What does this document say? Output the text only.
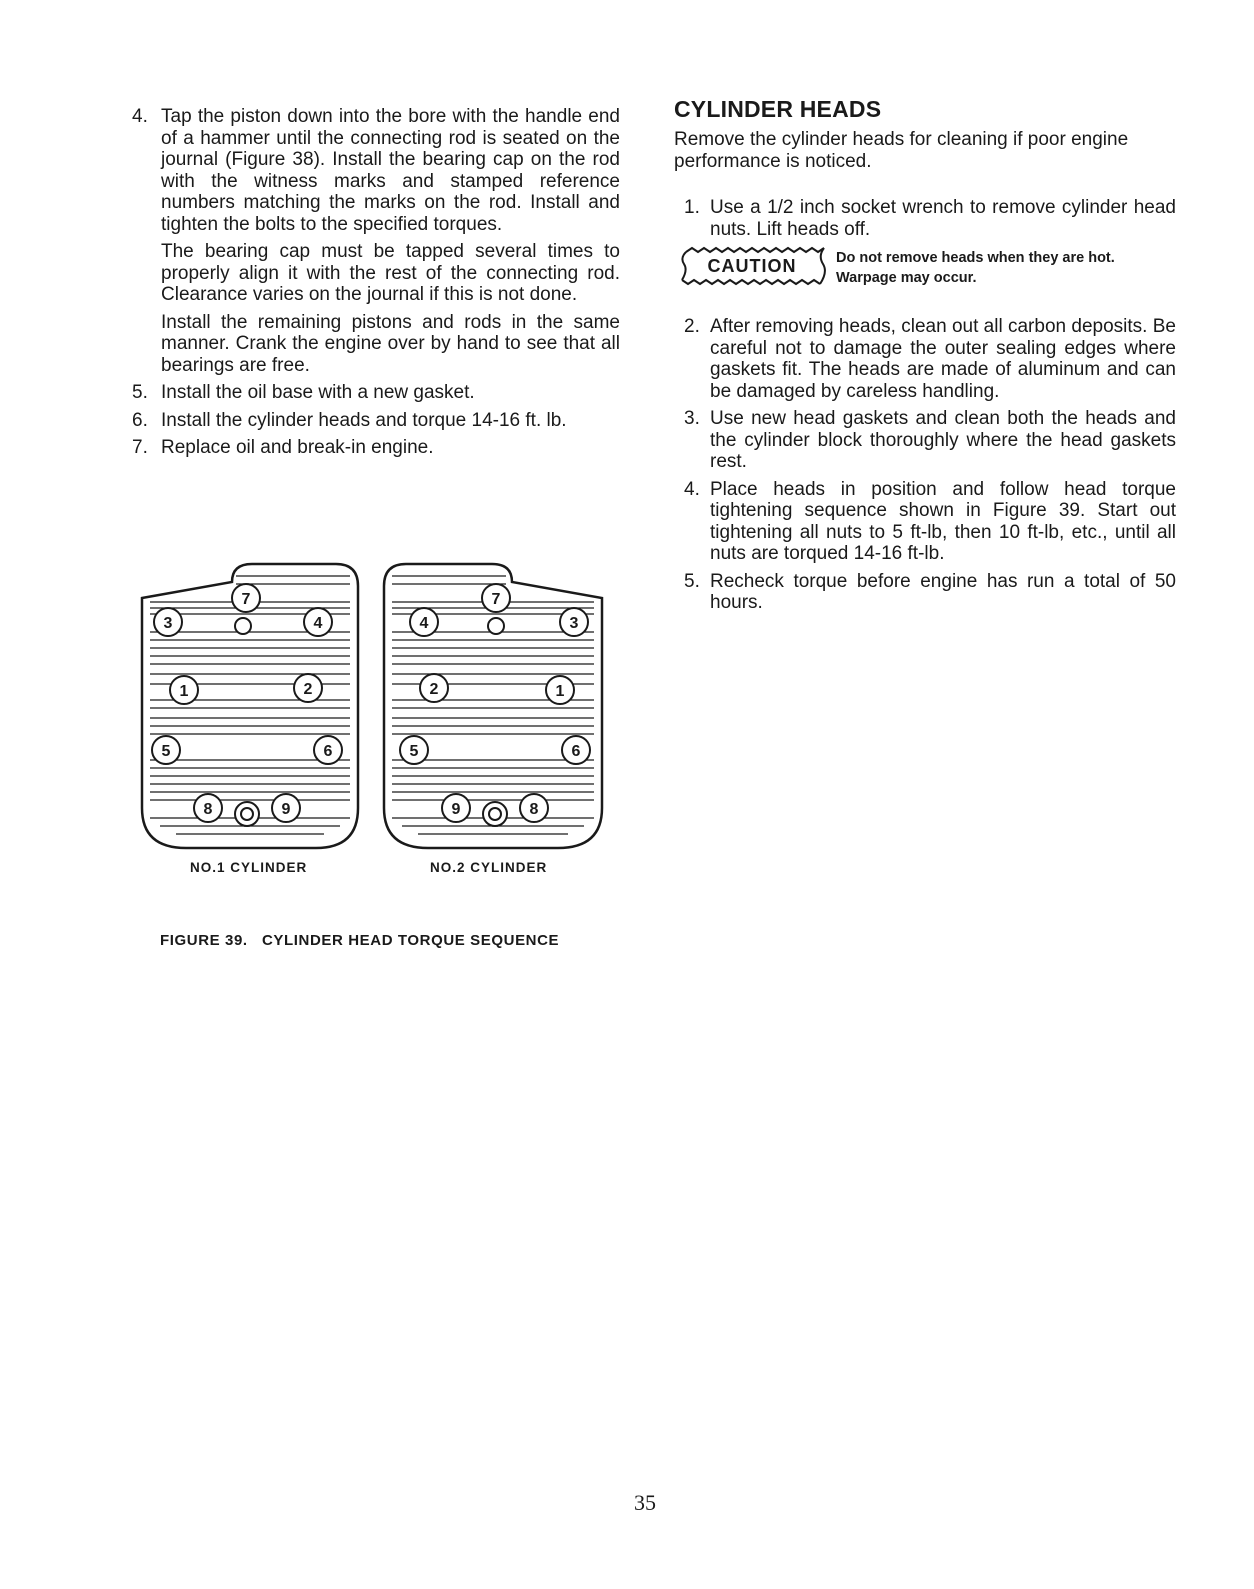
4. Tap the piston down into the bore with the handle end of a hammer until the connecting rod is seated on the journal (Figure 38). Install the bearing cap on the rod with the witness marks and stamped reference numbers matching the marks on the rod. Install and tighten the bolts to the specified torques.

The bearing cap must be tapped several times to properly align it with the rest of the connecting rod. Clearance varies on the journal if this is not done.

Install the remaining pistons and rods in the same manner. Crank the engine over by hand to see that all bearings are free.

5. Install the oil base with a new gasket.
6. Install the cylinder heads and torque 14-16 ft. lb.
7. Replace oil and break-in engine.
CYLINDER HEADS

Remove the cylinder heads for cleaning if poor engine performance is noticed.

1. Use a 1/2 inch socket wrench to remove cylinder head nuts. Lift heads off.
CAUTION	Do not remove heads when they are hot.
Warpage may occur.
2. After removing heads, clean out all carbon deposits. Be careful not to damage the outer sealing edges where gaskets fit. The heads are made of aluminum and can be damaged by careless handling.
3. Use new head gaskets and clean both the heads and the cylinder block thoroughly where the head gaskets rest.
4. Place heads in position and follow head torque tightening sequence shown in Figure 39. Start out tightening all nuts to 5 ft-lb, then 10 ft-lb, etc., until all nuts are torqued 14-16 ft-lb.
5. Recheck torque before engine has run a total of 50 hours.
7
3	4
1	2
5	6
8	9
7
4	3
2	1
5	6
9	8
NO.1 CYLINDER	NO.2 CYLINDER
FIGURE 39.   CYLINDER HEAD TORQUE SEQUENCE
35
